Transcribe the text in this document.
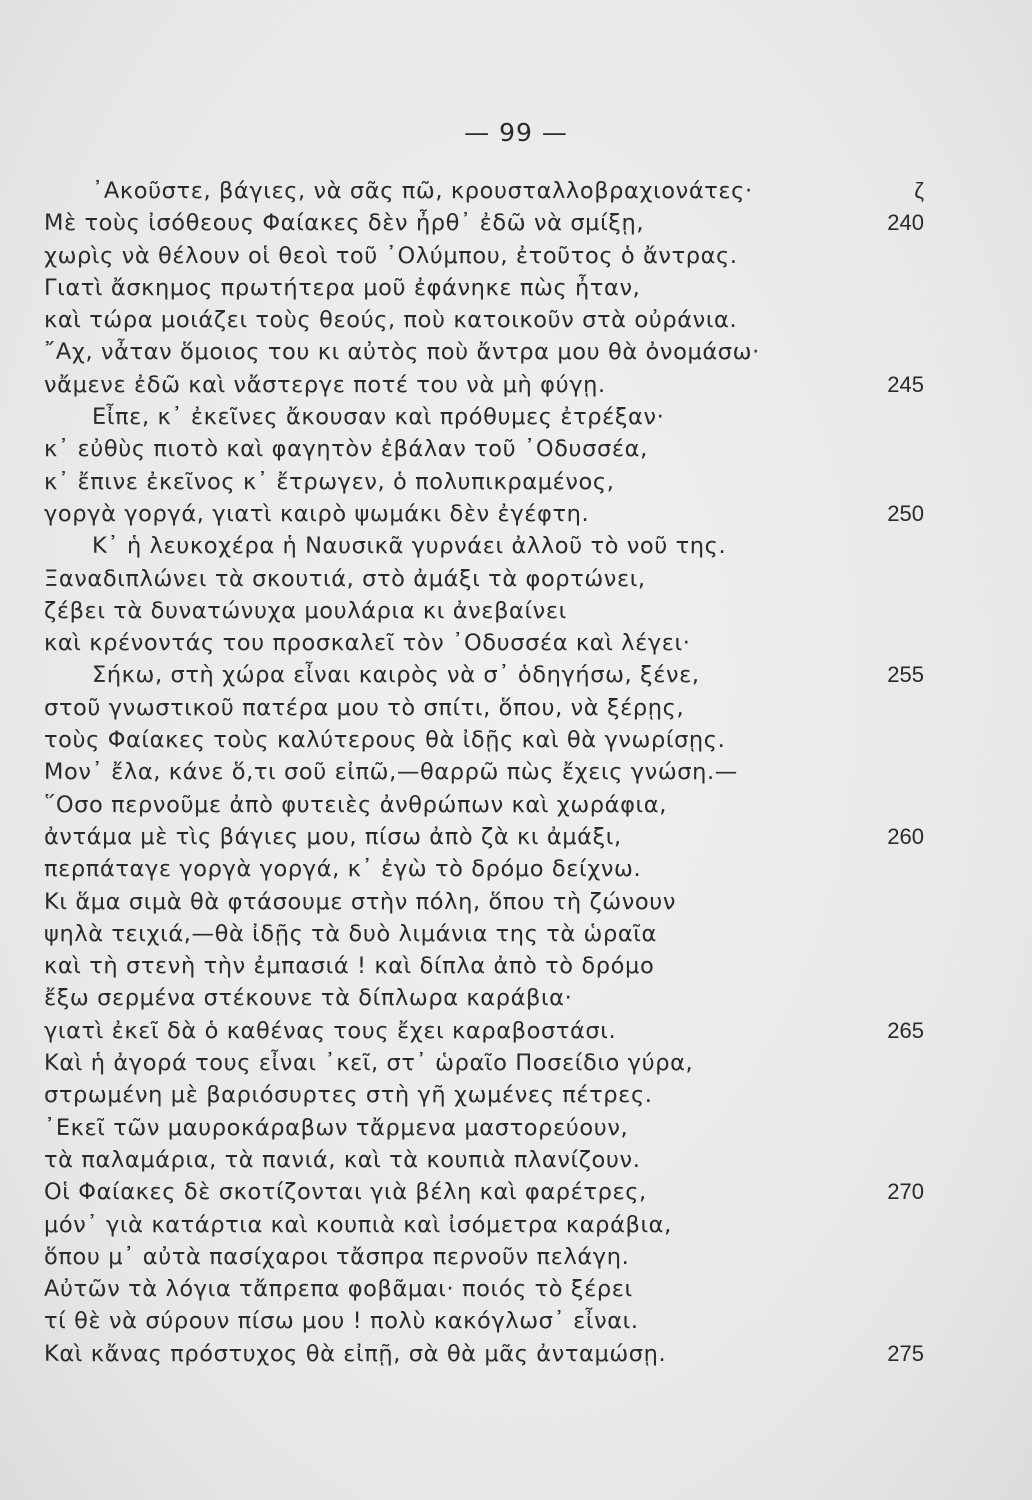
— 99 —
᾿Ακοῦστε, βάγιες, νὰ σᾶς πῶ, κρουσταλλοβραχιονάτες·	ζ
Μὲ τοὺς ἰσόθεους Φαίακες δὲν ἦρθ᾿ ἐδῶ νὰ σμίξῃ,	240
χωρὶς νὰ θέλουν οἱ θεοὶ τοῦ ᾿Ολύμπου, ἐτοῦτος ὁ ἄντρας.
Γιατὶ ἄσκημος πρωτήτερα μοῦ ἐφάνηκε πὼς ἦταν,
καὶ τώρα μοιάζει τοὺς θεούς, ποὺ κατοικοῦν στὰ οὐράνια.
῎Αχ, νἆταν ὅμοιος του κι αὐτὸς ποὺ ἄντρα μου θὰ ὀνομάσω·
νἄμενε ἐδῶ καὶ νἄστεργε ποτέ του νὰ μὴ φύγῃ.	245
Εἶπε, κ᾿ ἐκεῖνες ἄκουσαν καὶ πρόθυμες ἐτρέξαν·
κ᾿ εὐθὺς πιοτὸ καὶ φαγητὸν ἐβάλαν τοῦ ᾿Οδυσσέα,
κ᾿ ἔπινε ἐκεῖνος κ᾿ ἔτρωγεν, ὁ πολυπικραμένος,
γοργὰ γοργά, γιατὶ καιρὸ ψωμάκι δὲν ἐγέφτη.	250
Κ᾿ ἡ λευκοχέρα ἡ Ναυσικᾶ γυρνάει ἀλλοῦ τὸ νοῦ της.
Ξαναδιπλώνει τὰ σκουτιά, στὸ ἀμάξι τὰ φορτώνει,
ζέβει τὰ δυνατώνυχα μουλάρια κι ἀνεβαίνει
καὶ κρένοντάς του προσκαλεῖ τὸν ᾿Οδυσσέα καὶ λέγει·
Σήκω, στὴ χώρα εἶναι καιρὸς νὰ σ᾿ ὁδηγήσω, ξένε,	255
στοῦ γνωστικοῦ πατέρα μου τὸ σπίτι, ὅπου, νὰ ξέρῃς,
τοὺς Φαίακες τοὺς καλύτερους θὰ ἰδῇς καὶ θὰ γνωρίσῃς.
Μον᾿ ἔλα, κάνε ὅ,τι σοῦ εἰπῶ,—θαρρῶ πὼς ἔχεις γνώση.—
῞Οσο περνοῦμε ἀπὸ φυτειὲς ἀνθρώπων καὶ χωράφια,
ἀντάμα μὲ τὶς βάγιες μου, πίσω ἀπὸ ζὰ κι ἀμάξι,	260
περπάταγε γοργὰ γοργά, κ᾿ ἐγὼ τὸ δρόμο δείχνω.
Κι ἅμα σιμὰ θὰ φτάσουμε στὴν πόλη, ὅπου τὴ ζώνουν
ψηλὰ τειχιά,—θὰ ἰδῇς τὰ δυὸ λιμάνια της τὰ ὡραῖα
καὶ τὴ στενὴ τὴν ἐμπασιά ! καὶ δίπλα ἀπὸ τὸ δρόμο
ἔξω σερμένα στέκουνε τὰ δίπλωρα καράβια·
γιατὶ ἐκεῖ δὰ ὁ καθένας τους ἔχει καραβοστάσι.	265
Καὶ ἡ ἀγορά τους εἶναι ᾿κεῖ, στ᾿ ὡραῖο Ποσείδιο γύρα,
στρωμένη μὲ βαριόσυρτες στὴ γῆ χωμένες πέτρες.
᾿Εκεῖ τῶν μαυροκάραβων τἄρμενα μαστορεύουν,
τὰ παλαμάρια, τὰ πανιά, καὶ τὰ κουπιὰ πλανίζουν.
Οἱ Φαίακες δὲ σκοτίζονται γιὰ βέλη καὶ φαρέτρες,	270
μόν᾿ γιὰ κατάρτια καὶ κουπιὰ καὶ ἰσόμετρα καράβια,
ὅπου μ᾿ αὐτὰ πασίχαροι τἄσπρα περνοῦν πελάγη.
Αὐτῶν τὰ λόγια τἄπρεπα φοβᾶμαι· ποιός τὸ ξέρει
τί θὲ νὰ σύρουν πίσω μου ! πολὺ κακόγλωσ᾿ εἶναι.
Καὶ κἄνας πρόστυχος θὰ εἰπῇ, σὰ θὰ μᾶς ἀνταμώσῃ.	275
